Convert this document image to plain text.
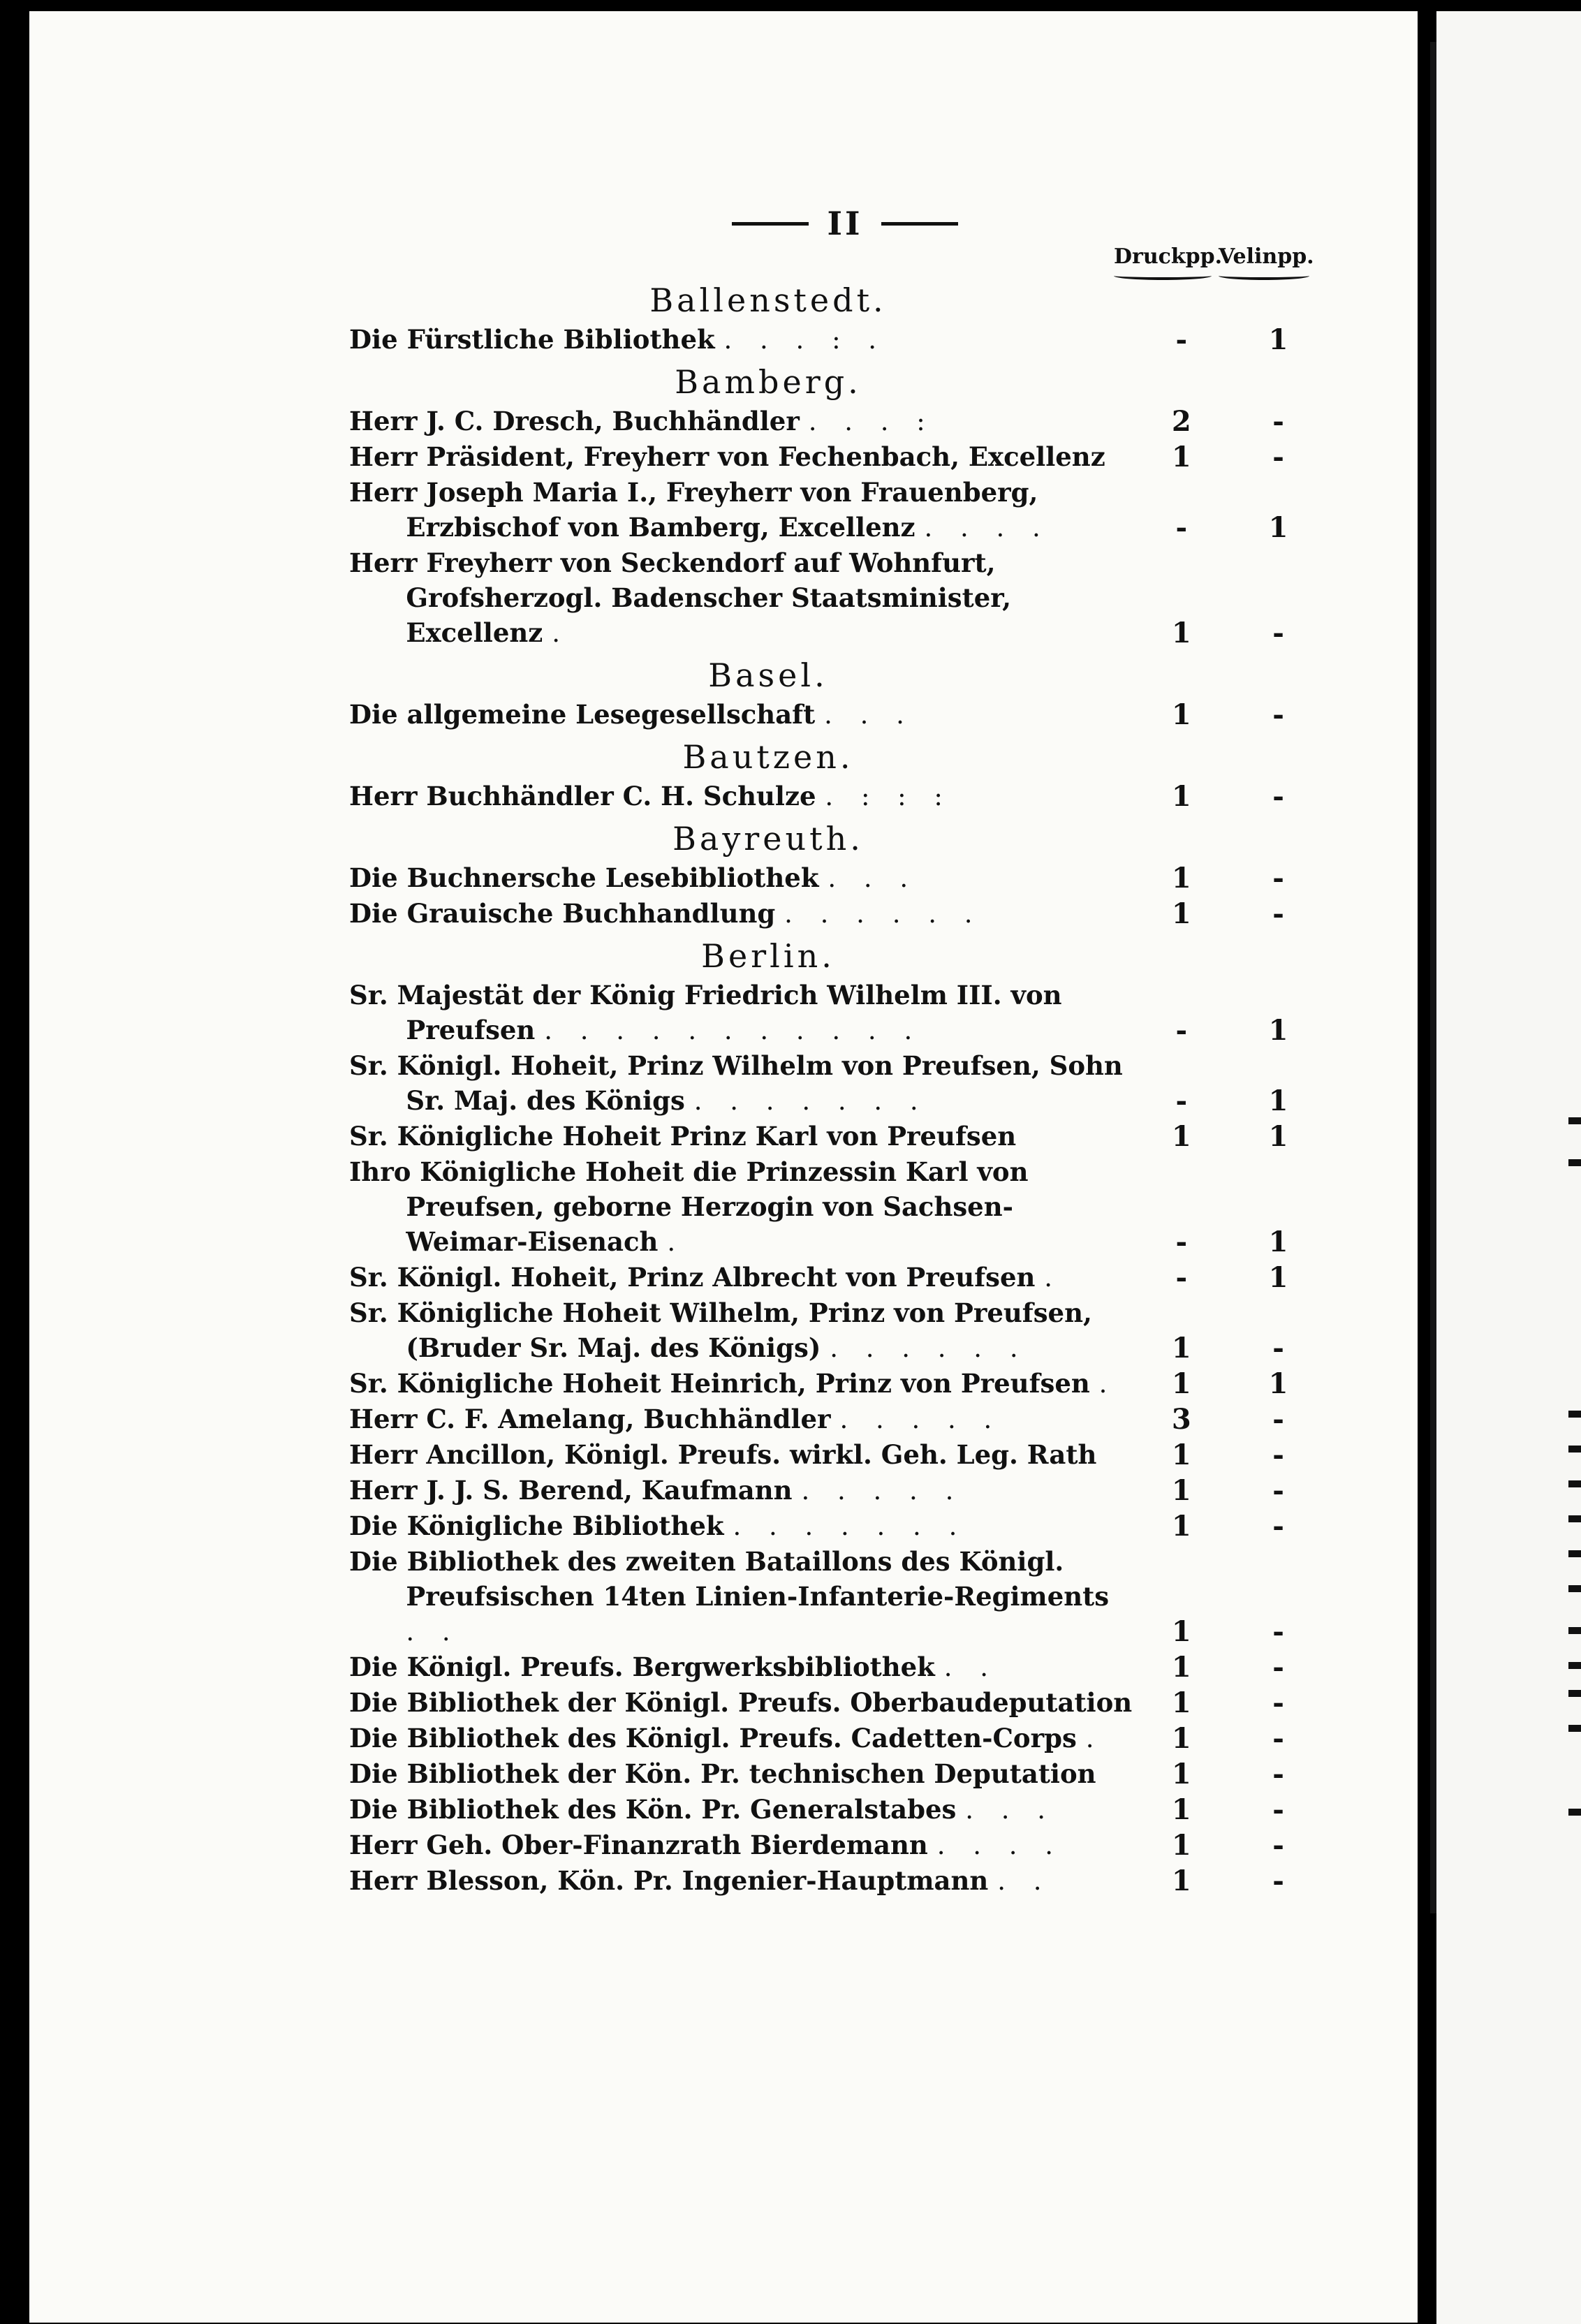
II
Druckpp.
Velinpp.
Ballenstedt.
Die Fürstliche Bibliothek . . . : .	-	1
Bamberg.
Herr J. C. Dresch, Buchhändler . . . :	2	-
Herr Präsident, Freyherr von Fechenbach, Excellenz	1	-
Herr Joseph Maria I., Freyherr von Frauenberg, Erzbischof von Bamberg, Excellenz . . . .	-	1
Herr Freyherr von Seckendorf auf Wohnfurt, Grofsherzogl. Badenscher Staatsminister, Excellenz .	1	-
Basel.
Die allgemeine Lesegesellschaft . . .	1	-
Bautzen.
Herr Buchhändler C. H. Schulze . : : :	1	-
Bayreuth.
Die Buchnersche Lesebibliothek . . .	1	-
Die Grauische Buchhandlung . . . . . .	1	-
Berlin.
Sr. Majestät der König Friedrich Wilhelm III. von Preufsen . . . . . . . . . . .	-	1
Sr. Königl. Hoheit, Prinz Wilhelm von Preufsen, Sohn Sr. Maj. des Königs . . . . . . .	-	1
Sr. Königliche Hoheit Prinz Karl von Preufsen	1	1
Ihro Königliche Hoheit die Prinzessin Karl von Preufsen, geborne Herzogin von Sachsen-Weimar-Eisenach .	-	1
Sr. Königl. Hoheit, Prinz Albrecht von Preufsen .	-	1
Sr. Königliche Hoheit Wilhelm, Prinz von Preufsen, (Bruder Sr. Maj. des Königs) . . . . . .	1	-
Sr. Königliche Hoheit Heinrich, Prinz von Preufsen .	1	1
Herr C. F. Amelang, Buchhändler . . . . .	3	-
Herr Ancillon, Königl. Preufs. wirkl. Geh. Leg. Rath	1	-
Herr J. J. S. Berend, Kaufmann . . . . .	1	-
Die Königliche Bibliothek . . . . . . .	1	-
Die Bibliothek des zweiten Bataillons des Königl. Preufsischen 14ten Linien-Infanterie-Regiments . .	1	-
Die Königl. Preufs. Bergwerksbibliothek . .	1	-
Die Bibliothek der Königl. Preufs. Oberbaudeputation	1	-
Die Bibliothek des Königl. Preufs. Cadetten-Corps .	1	-
Die Bibliothek der Kön. Pr. technischen Deputation	1	-
Die Bibliothek des Kön. Pr. Generalstabes . . .	1	-
Herr Geh. Ober-Finanzrath Bierdemann . . . .	1	-
Herr Blesson, Kön. Pr. Ingenier-Hauptmann . .	1	-
